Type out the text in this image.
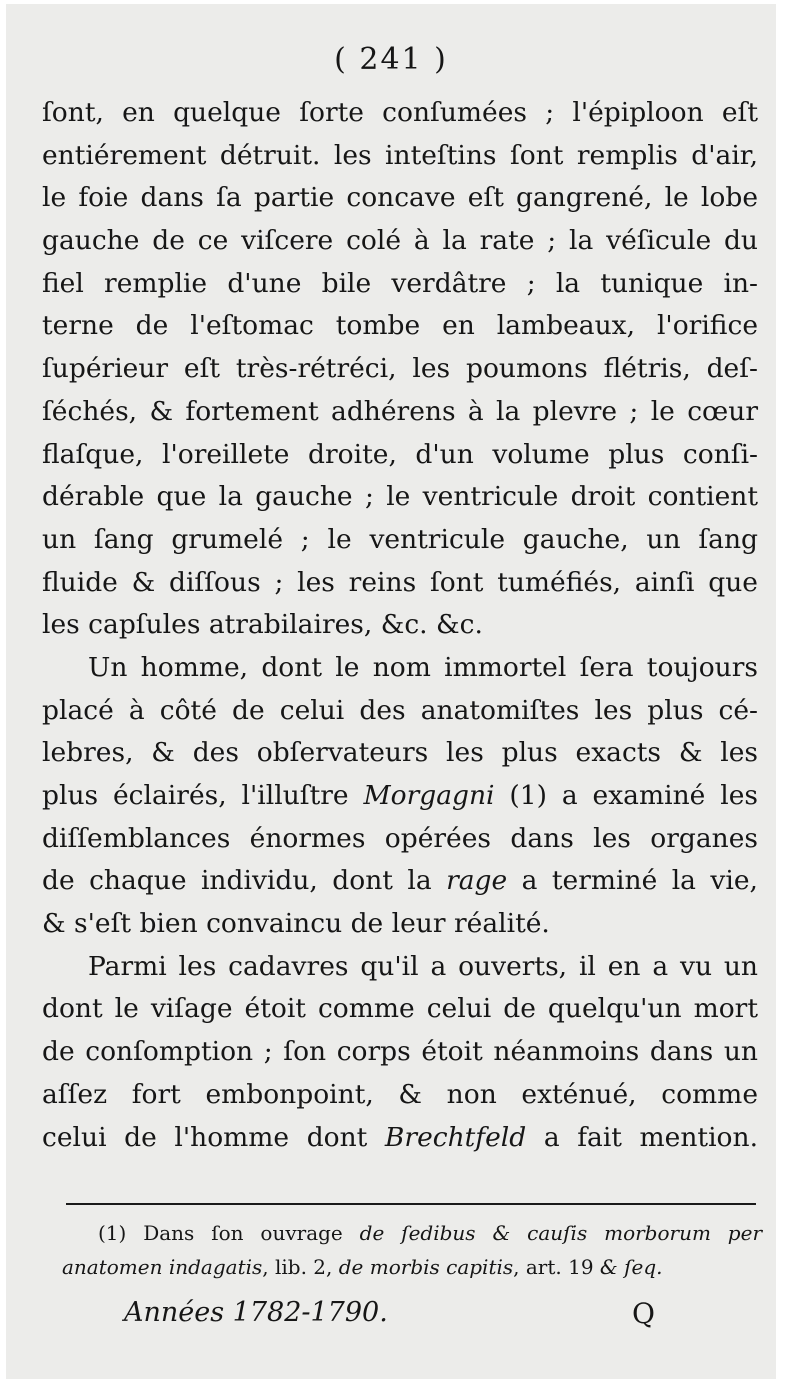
( 241 )
ſont, en quelque ſorte conſumées ; l'épiploon eſt
entiérement détruit. les inteſtins ſont remplis d'air,
le foie dans ſa partie concave eſt gangrené, le lobe
gauche de ce viſcere colé à la rate ; la véſicule du
fiel remplie d'une bile verdâtre ; la tunique in-
terne de l'eſtomac tombe en lambeaux, l'orifice
ſupérieur eſt très-rétréci, les poumons flétris, deſ-
ſéchés, & fortement adhérens à la plevre ; le cœur
flaſque, l'oreillete droite, d'un volume plus conſi-
dérable que la gauche ; le ventricule droit contient
un ſang grumelé ; le ventricule gauche, un ſang
fluide & diſſous ; les reins ſont tuméfiés, ainſi que
les capſules atrabilaires, &c. &c.
Un homme, dont le nom immortel ſera toujours
placé à côté de celui des anatomiſtes les plus cé-
lebres, & des obſervateurs les plus exacts & les
plus éclairés, l'illuſtre Morgagni (1) a examiné les
diſſemblances énormes opérées dans les organes
de chaque individu, dont la rage a terminé la vie,
& s'eſt bien convaincu de leur réalité.
Parmi les cadavres qu'il a ouverts, il en a vu un
dont le viſage étoit comme celui de quelqu'un mort
de conſomption ; ſon corps étoit néanmoins dans un
aſſez fort embonpoint, & non exténué, comme
celui de l'homme dont Brechtfeld a fait mention.
(1) Dans ſon ouvrage de ſedibus & cauſis morborum per
anatomen indagatis, lib. 2, de morbis capitis, art. 19 & ſeq.
Années 1782-1790.	Q
